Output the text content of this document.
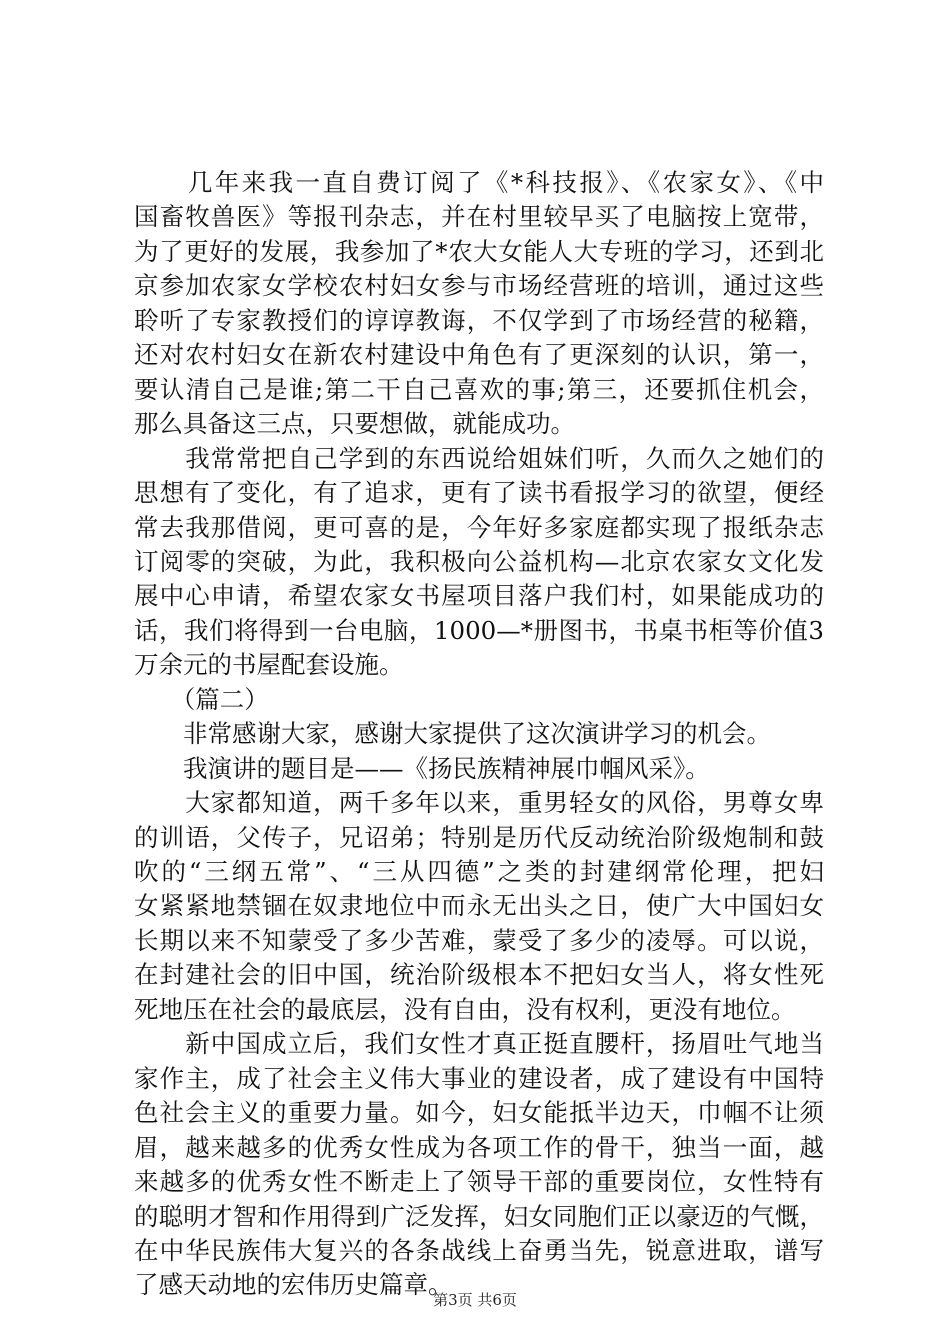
　　几年来我一直自费订阅了《*科技报》、《农家女》、《中
国畜牧兽医》等报刊杂志，并在村里较早买了电脑按上宽带，
为了更好的发展，我参加了*农大女能人大专班的学习，还到北
京参加农家女学校农村妇女参与市场经营班的培训，通过这些
聆听了专家教授们的谆谆教诲，不仅学到了市场经营的秘籍，
还对农村妇女在新农村建设中角色有了更深刻的认识，第一，
要认清自己是谁;第二干自己喜欢的事;第三，还要抓住机会，
那么具备这三点，只要想做，就能成功。
　　我常常把自己学到的东西说给姐妹们听，久而久之她们的
思想有了变化，有了追求，更有了读书看报学习的欲望，便经
常去我那借阅，更可喜的是，今年好多家庭都实现了报纸杂志
订阅零的突破，为此，我积极向公益机构—北京农家女文化发
展中心申请，希望农家女书屋项目落户我们村，如果能成功的
话，我们将得到一台电脑，1000—*册图书，书桌书柜等价值3
万余元的书屋配套设施。
　　（篇二）
　　非常感谢大家，感谢大家提供了这次演讲学习的机会。
　　我演讲的题目是——《扬民族精神展巾帼风采》。
　　大家都知道，两千多年以来，重男轻女的风俗，男尊女卑
的训语，父传子，兄诏弟；特别是历代反动统治阶级炮制和鼓
吹的“三纲五常”、“三从四德”之类的封建纲常伦理，把妇
女紧紧地禁锢在奴隶地位中而永无出头之日，使广大中国妇女
长期以来不知蒙受了多少苦难，蒙受了多少的凌辱。可以说，
在封建社会的旧中国，统治阶级根本不把妇女当人，将女性死
死地压在社会的最底层，没有自由，没有权利，更没有地位。
　　新中国成立后，我们女性才真正挺直腰杆，扬眉吐气地当
家作主，成了社会主义伟大事业的建设者，成了建设有中国特
色社会主义的重要力量。如今，妇女能抵半边天，巾帼不让须
眉，越来越多的优秀女性成为各项工作的骨干，独当一面，越
来越多的优秀女性不断走上了领导干部的重要岗位，女性特有
的聪明才智和作用得到广泛发挥，妇女同胞们正以豪迈的气慨，
在中华民族伟大复兴的各条战线上奋勇当先，锐意进取，谱写
了感天动地的宏伟历史篇章。
第3页 共6页
